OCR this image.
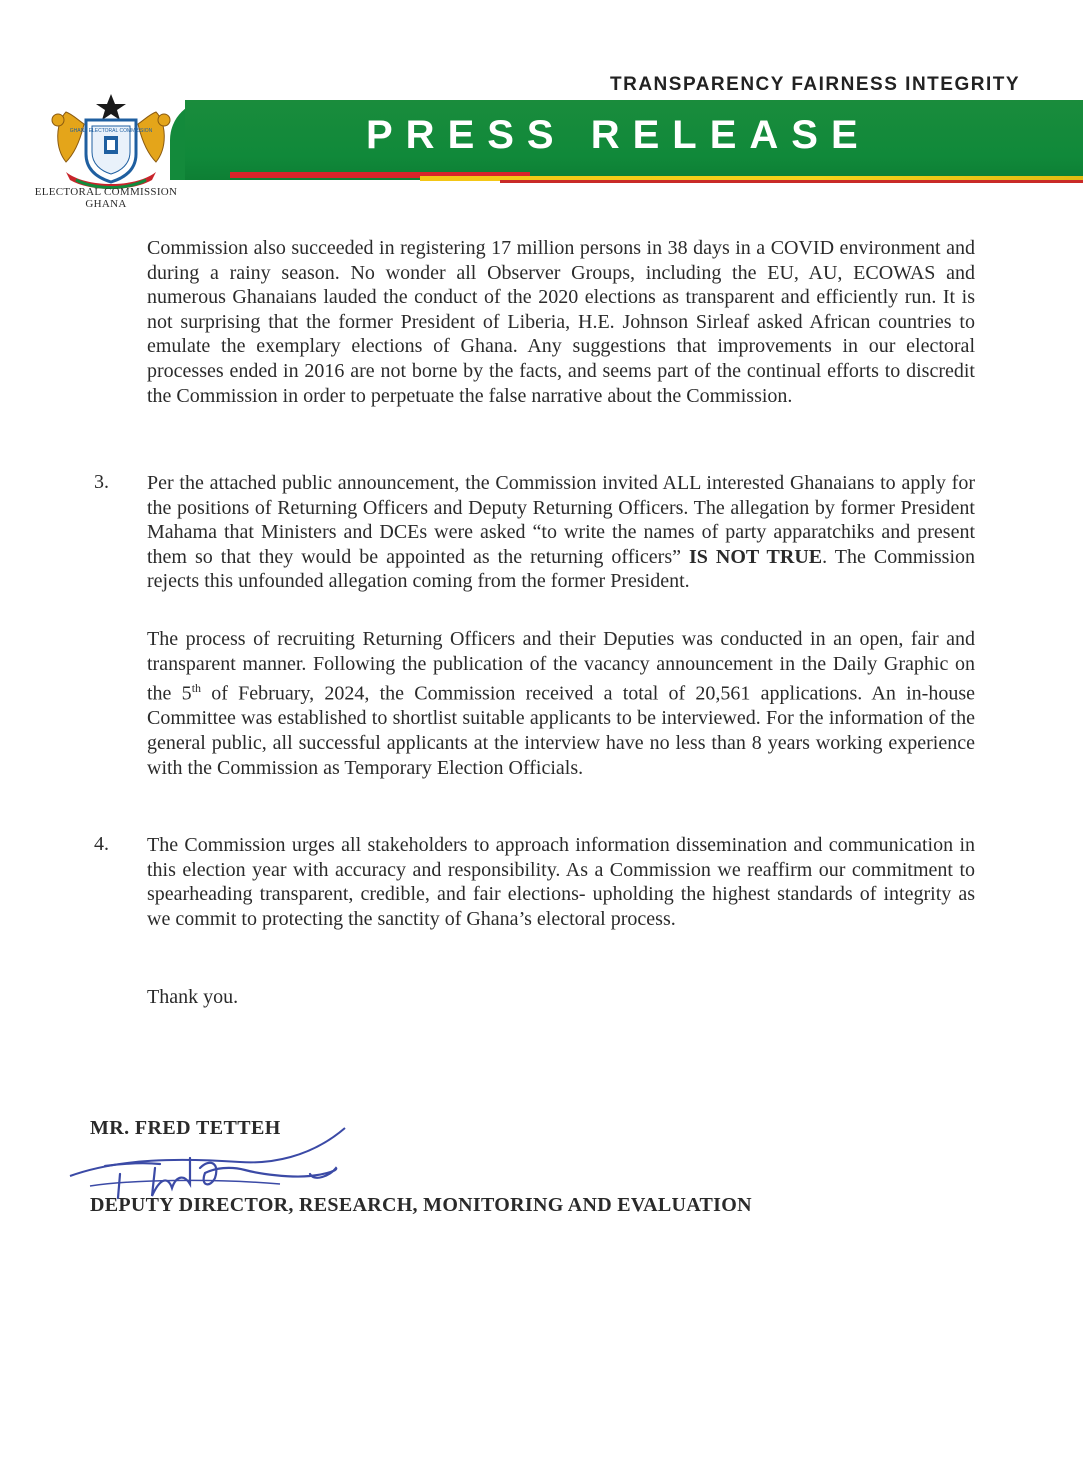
TRANSPARENCY FAIRNESS INTEGRITY
PRESS RELEASE
GHANA ELECTORAL COMMISSION
ELECTORAL COMMISSION
GHANA
Commission also succeeded in registering 17 million persons in 38 days in a COVID environment and during a rainy season. No wonder all Observer Groups, including the EU, AU, ECOWAS and numerous Ghanaians lauded the conduct of the 2020 elections as transparent and efficiently run. It is not surprising that the former President of Liberia, H.E. Johnson Sirleaf asked African countries to emulate the exemplary elections of Ghana. Any suggestions that improvements in our electoral processes ended in 2016 are not borne by the facts, and seems part of the continual efforts to discredit the Commission in order to perpetuate the false narrative about the Commission.
3. Per the attached public announcement, the Commission invited ALL interested Ghanaians to apply for the positions of Returning Officers and Deputy Returning Officers. The allegation by former President Mahama that Ministers and DCEs were asked “to write the names of party apparatchiks and present them so that they would be appointed as the returning officers” IS NOT TRUE. The Commission rejects this unfounded allegation coming from the former President.
The process of recruiting Returning Officers and their Deputies was conducted in an open, fair and transparent manner. Following the publication of the vacancy announcement in the Daily Graphic on the 5th of February, 2024, the Commission received a total of 20,561 applications. An in-house Committee was established to shortlist suitable applicants to be interviewed. For the information of the general public, all successful applicants at the interview have no less than 8 years working experience with the Commission as Temporary Election Officials.
4. The Commission urges all stakeholders to approach information dissemination and communication in this election year with accuracy and responsibility. As a Commission we reaffirm our commitment to spearheading transparent, credible, and fair elections- upholding the highest standards of integrity as we commit to protecting the sanctity of Ghana’s electoral process.
Thank you.
MR. FRED TETTEH
DEPUTY DIRECTOR, RESEARCH, MONITORING AND EVALUATION
